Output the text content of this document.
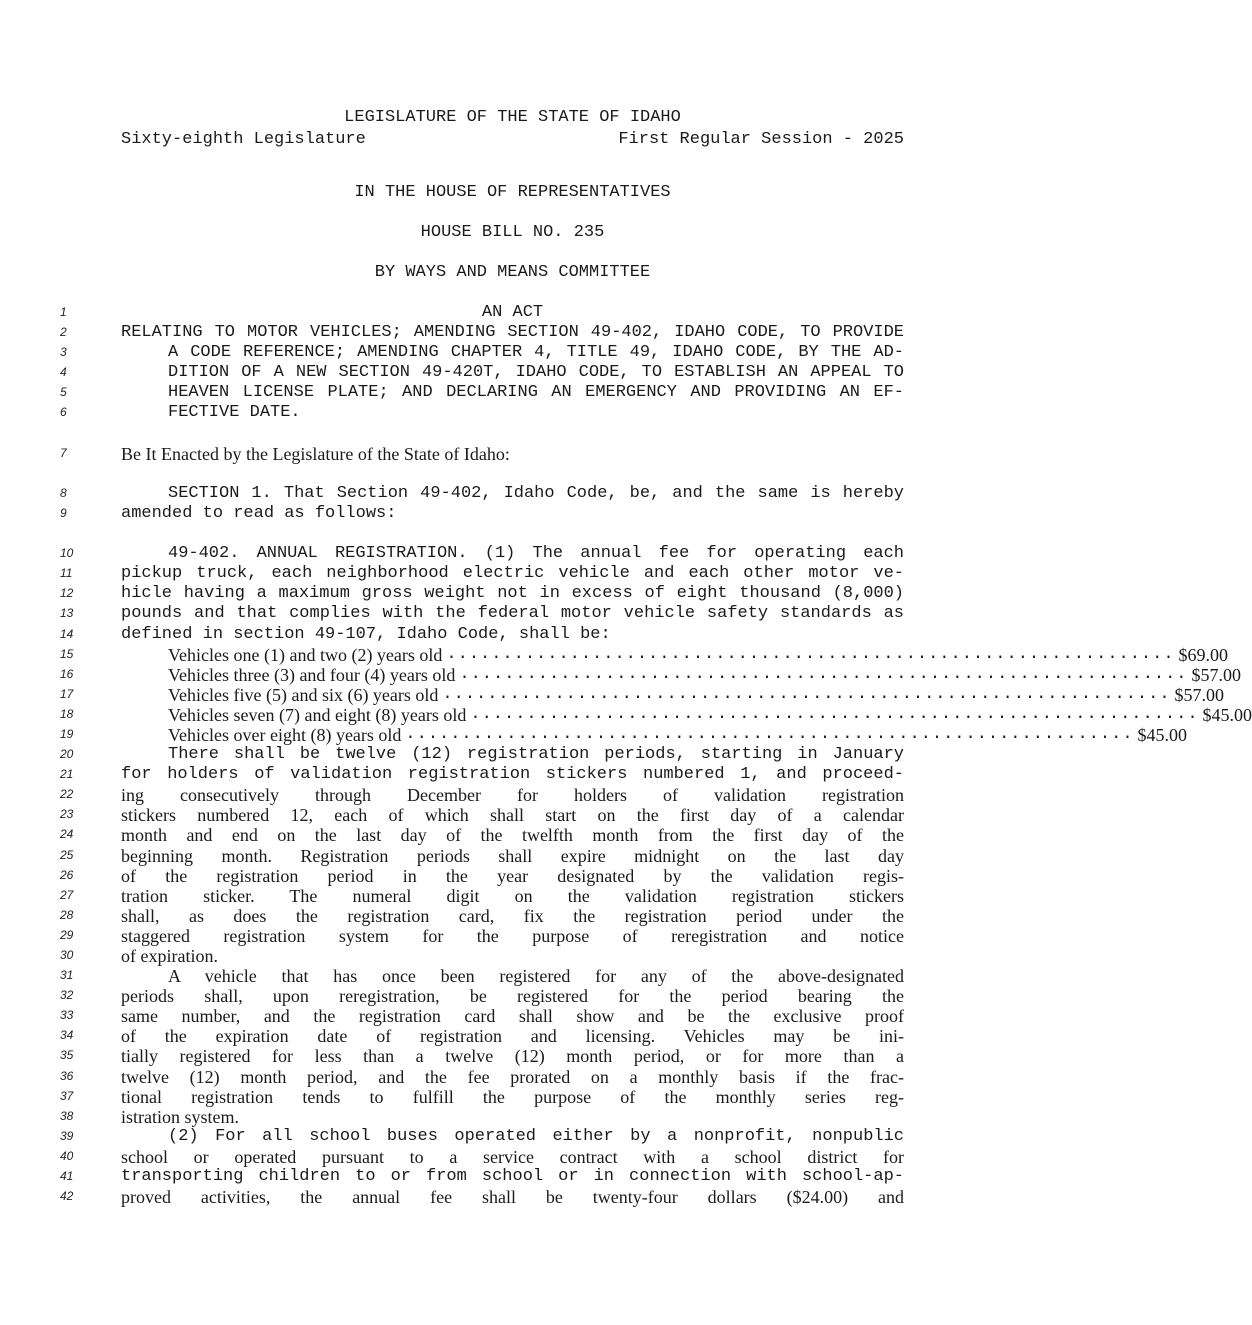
LEGISLATURE OF THE STATE OF IDAHO
Sixty-eighth Legislature	First Regular Session - 2025
IN THE HOUSE OF REPRESENTATIVES
HOUSE BILL NO. 235
BY WAYS AND MEANS COMMITTEE
1	AN ACT
2	RELATING TO MOTOR VEHICLES; AMENDING SECTION 49-402, IDAHO CODE, TO PROVIDE
3	A CODE REFERENCE; AMENDING CHAPTER 4, TITLE 49, IDAHO CODE, BY THE AD-
4	DITION OF A NEW SECTION 49-420T, IDAHO CODE, TO ESTABLISH AN APPEAL TO
5	HEAVEN LICENSE PLATE; AND DECLARING AN EMERGENCY AND PROVIDING AN EF-
6	FECTIVE DATE.
7	Be It Enacted by the Legislature of the State of Idaho:
8	SECTION 1. That Section 49-402, Idaho Code, be, and the same is hereby
9	amended to read as follows:
10	49-402. ANNUAL REGISTRATION. (1) The annual fee for operating each
11	pickup truck, each neighborhood electric vehicle and each other motor ve-
12	hicle having a maximum gross weight not in excess of eight thousand (8,000)
13	pounds and that complies with the federal motor vehicle safety standards as
14	defined in section 49-107, Idaho Code, shall be:
15	Vehicles one (1) and two (2) years old ................................................................. $69.00
16	Vehicles three (3) and four (4) years old ................................................................. $57.00
17	Vehicles five (5) and six (6) years old ................................................................. $57.00
18	Vehicles seven (7) and eight (8) years old ................................................................. $45.00
19	Vehicles over eight (8) years old ................................................................. $45.00
20	There shall be twelve (12) registration periods, starting in January
21	for holders of validation registration stickers numbered 1, and proceed-
22	ing consecutively through December for holders of validation registration
23	stickers numbered 12, each of which shall start on the first day of a calendar
24	month and end on the last day of the twelfth month from the first day of the
25	beginning month. Registration periods shall expire midnight on the last day
26	of the registration period in the year designated by the validation regis-
27	tration sticker. The numeral digit on the validation registration stickers
28	shall, as does the registration card, fix the registration period under the
29	staggered registration system for the purpose of reregistration and notice
30	of expiration.
31	A vehicle that has once been registered for any of the above-designated
32	periods shall, upon reregistration, be registered for the period bearing the
33	same number, and the registration card shall show and be the exclusive proof
34	of the expiration date of registration and licensing. Vehicles may be ini-
35	tially registered for less than a twelve (12) month period, or for more than a
36	twelve (12) month period, and the fee prorated on a monthly basis if the frac-
37	tional registration tends to fulfill the purpose of the monthly series reg-
38	istration system.
39	(2) For all school buses operated either by a nonprofit, nonpublic
40	school or operated pursuant to a service contract with a school district for
41	transporting children to or from school or in connection with school-ap-
42	proved activities, the annual fee shall be twenty-four dollars ($24.00) and
